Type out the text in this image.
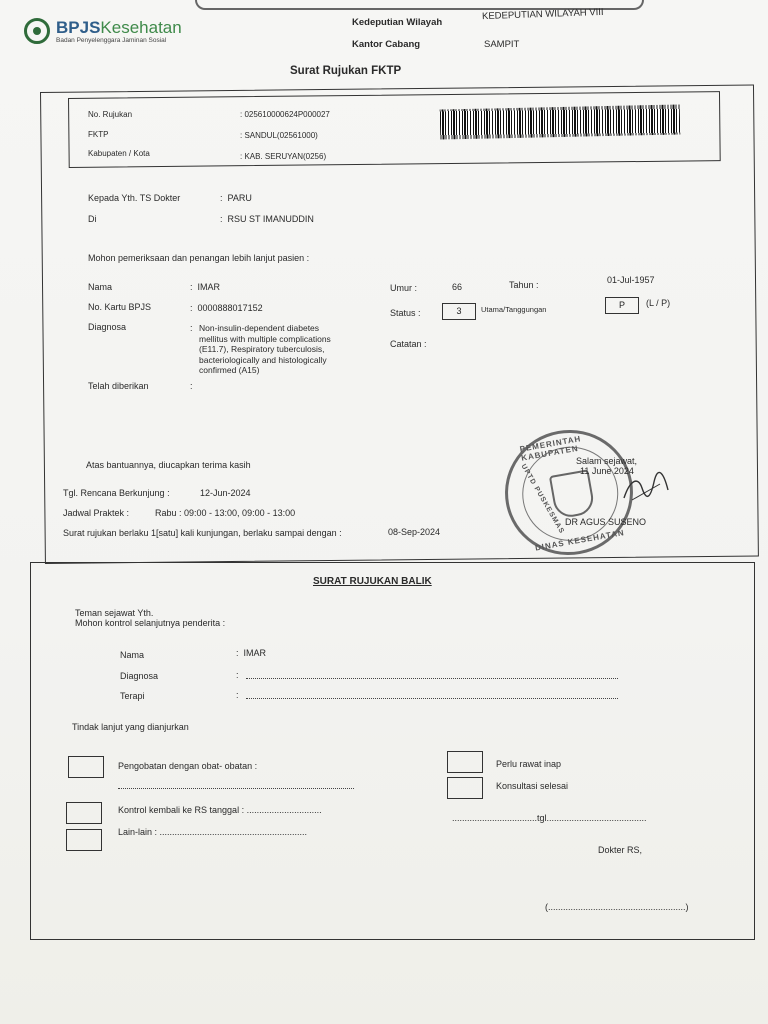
BPJSKesehatan
Badan Penyelenggara Jaminan Sosial
Kedeputian Wilayah
KEDEPUTIAN WILAYAH VIII
Kantor Cabang	SAMPIT
Surat Rujukan FKTP
No. Rujukan	: 025610000624P000027
FKTP	: SANDUL(02561000)
Kabupaten / Kota	: KAB. SERUYAN(0256)
Kepada Yth. TS Dokter	:  PARU
Di	:  RSU ST IMANUDDIN
Mohon pemeriksaan dan penangan lebih lanjut pasien :
Nama	:  IMAR
No. Kartu BPJS	:  0000888017152
Diagnosa	: Non-insulin-dependent diabetes
mellitus with multiple complications
(E11.7), Respiratory tuberculosis,
bacteriologically and histologically
confirmed (A15)
Telah diberikan	:
Umur :	66	Tahun :	01-Jul-1957
Status :	3	Utama/Tanggungan	P	(L / P)
Catatan :
Atas bantuannya, diucapkan terima kasih
Tgl. Rencana Berkunjung :	12-Jun-2024
Jadwal Praktek :	Rabu : 09:00 - 13:00, 09:00 - 13:00
Surat rujukan berlaku 1[satu] kali kunjungan, berlaku sampai dengan :	08-Sep-2024
PEMERINTAH KABUPATEN
UPTD PUSKESMAS
DINAS KESEHATAN
Salam sejawat,
11 June 2024
DR AGUS SUSENO
SURAT RUJUKAN BALIK
Teman sejawat Yth.
Mohon kontrol selanjutnya penderita :
Nama	:  IMAR
Diagnosa	:
Terapi	:
Tindak lanjut yang dianjurkan
Pengobatan dengan obat- obatan :
Kontrol kembali ke RS tanggal : ..............................
Lain-lain : ...........................................................
Perlu rawat inap
Konsultasi selesai
..................................tgl........................................
Dokter RS,
(.......................................................)
